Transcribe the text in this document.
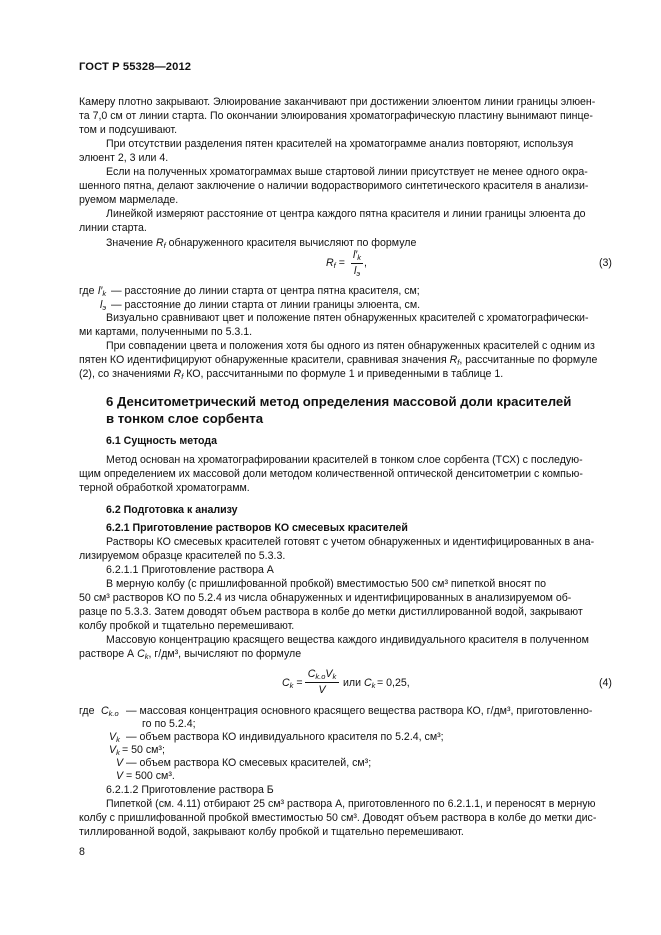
ГОСТ Р 55328—2012
Камеру плотно закрывают. Элюирование заканчивают при достижении элюентом линии границы элюен-
та 7,0 см от линии старта. По окончании элюирования хроматографическую пластину вынимают пинце-
том и подсушивают.
При отсутствии разделения пятен красителей на хроматограмме анализ повторяют, используя
элюент 2, 3 или 4.
Если на полученных хроматограммах выше стартовой линии присутствует не менее одного окра-
шенного пятна, делают заключение о наличии водорастворимого синтетического красителя в анализи-
руемом мармеладе.
Линейкой измеряют расстояние от центра каждого пятна красителя и линии границы элюента до
линии старта.
Значение $R_f$ обнаруженного красителя вычисляют по формуле
$R_f$ =
$l'_k$
$l_э$
,	(3)
где $l'_k$ — расстояние до линии старта от центра пятна красителя, см;
$l_э$ — расстояние до линии старта от линии границы элюента, см.
Визуально сравнивают цвет и положение пятен обнаруженных красителей с хроматографически-
ми картами, полученными по 5.3.1.
При совпадении цвета и положения хотя бы одного из пятен обнаруженных красителей с одним из
пятен КО идентифицируют обнаруженные красители, сравнивая значения $R_f$, рассчитанные по формуле
(2), со значениями $R_f$ КО, рассчитанными по формуле 1 и приведенными в таблице 1.
6 Денситометрический метод определения массовой доли красителей
в тонком слое сорбента
6.1 Сущность метода
Метод основан на хроматографировании красителей в тонком слое сорбента (ТСХ) с последую-
щим определением их массовой доли методом количественной оптической денситометрии с компью-
терной обработкой хроматограмм.
6.2 Подготовка к анализу
6.2.1 Приготовление растворов КО смесевых красителей
Растворы КО смесевых красителей готовят с учетом обнаруженных и идентифицированных в ана-
лизируемом образце красителей по 5.3.3.
6.2.1.1 Приготовление раствора А
В мерную колбу (с пришлифованной пробкой) вместимостью 500 см³ пипеткой вносят по
50 см³ растворов КО по 5.2.4 из числа обнаруженных и идентифицированных в анализируемом об-
разце по 5.3.3. Затем доводят объем раствора в колбе до метки дистиллированной водой, закрывают
колбу пробкой и тщательно перемешивают.
Массовую концентрацию красящего вещества каждого индивидуального красителя в полученном
растворе А $C_k$, г/дм³, вычисляют по формуле
$C_k$ =
$C_{k.o}V_k$
V
или $C_k = 0,25$,	(4)
где $C_{k.o}$ — массовая концентрация основного красящего вещества раствора КО, г/дм³, приготовленно-
го по 5.2.4;
$V_k$ — объем раствора КО индивидуального красителя по 5.2.4, см³;
$V_k = 50$ см³;
V — объем раствора КО смесевых красителей, см³;
V = 500 см³.
6.2.1.2 Приготовление раствора Б
Пипеткой (см. 4.11) отбирают 25 см³ раствора А, приготовленного по 6.2.1.1, и переносят в мерную
колбу с пришлифованной пробкой вместимостью 50 см³. Доводят объем раствора в колбе до метки дис-
тиллированной водой, закрывают колбу пробкой и тщательно перемешивают.
8
